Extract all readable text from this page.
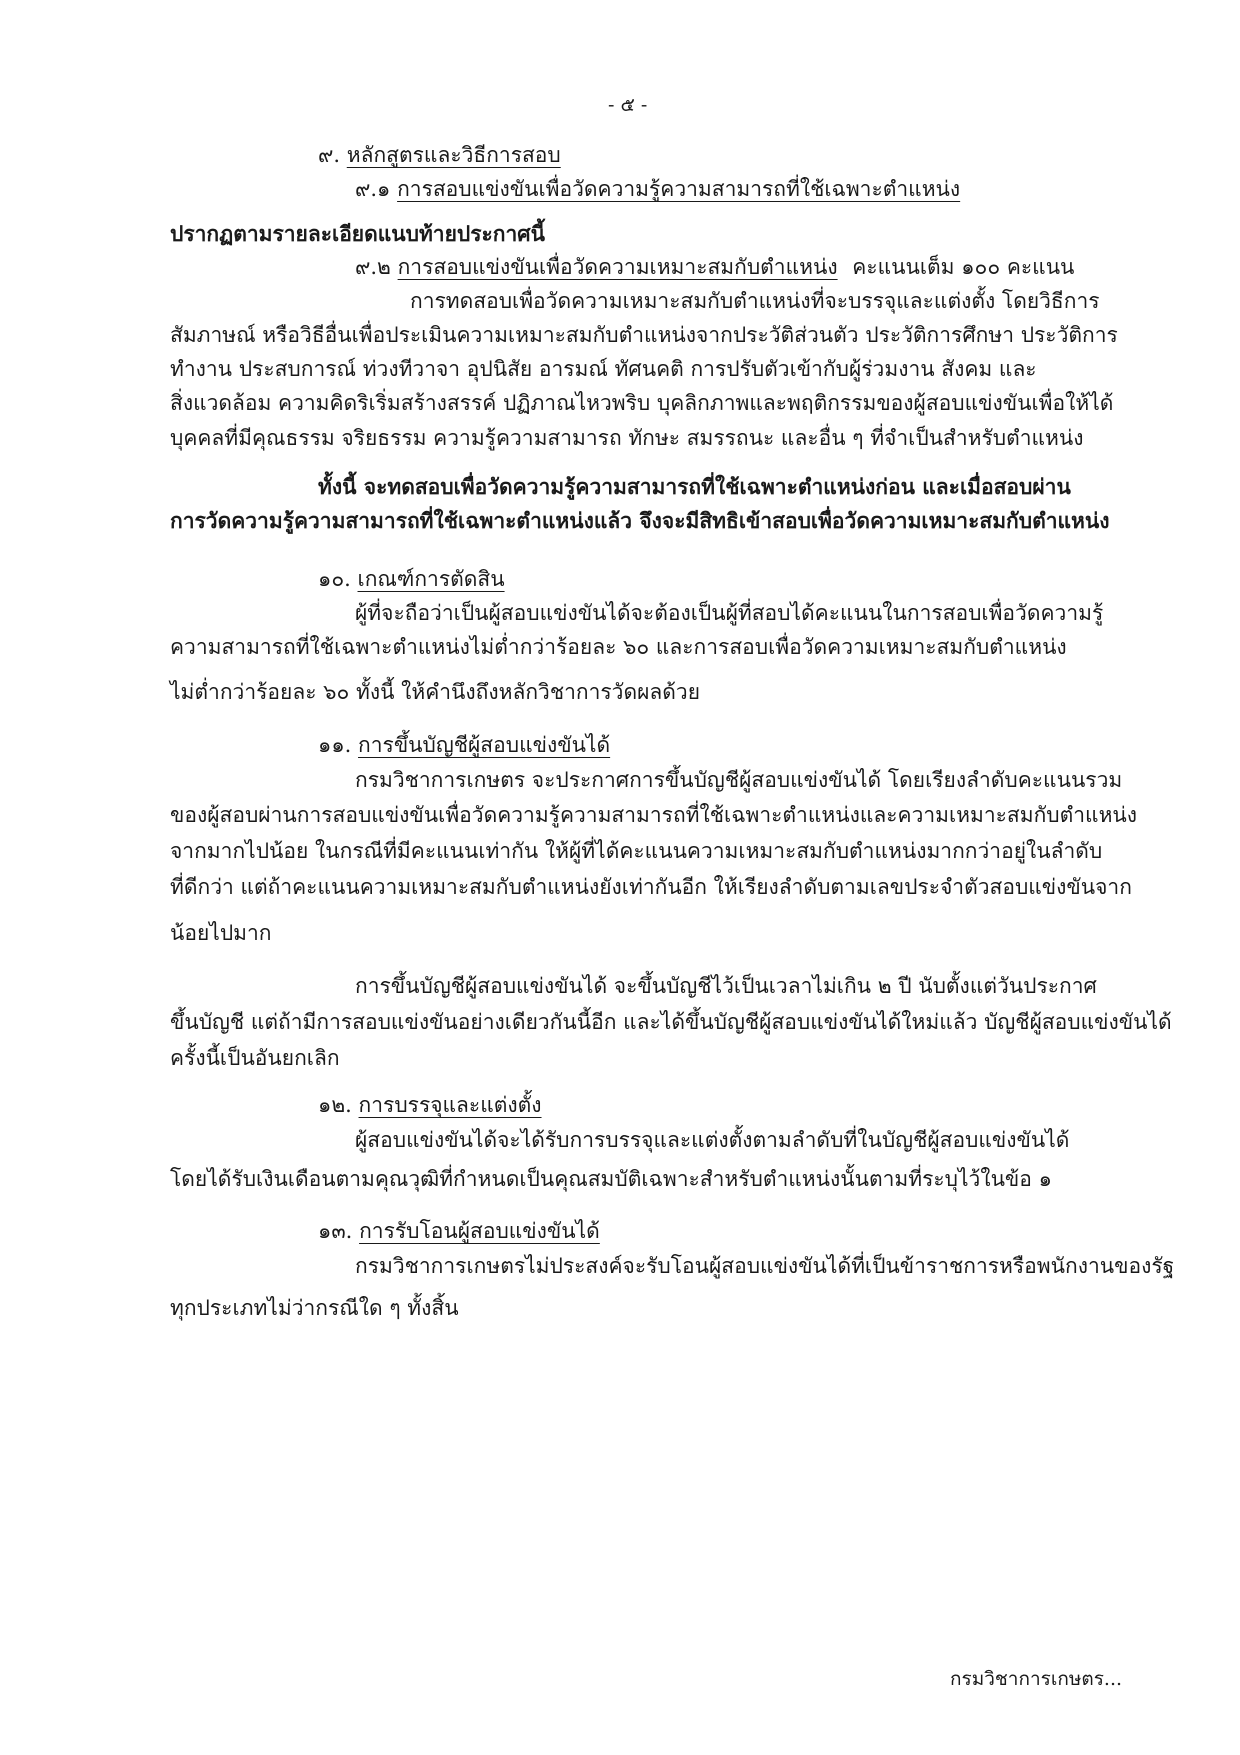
- ๕ -
๙. หลักสูตรและวิธีการสอบ
๙.๑ การสอบแข่งขันเพื่อวัดความรู้ความสามารถที่ใช้เฉพาะตำแหน่ง
ปรากฏตามรายละเอียดแนบท้ายประกาศนี้
๙.๒ การสอบแข่งขันเพื่อวัดความเหมาะสมกับตำแหน่ง คะแนนเต็ม ๑๐๐ คะแนน
การทดสอบเพื่อวัดความเหมาะสมกับตำแหน่งที่จะบรรจุและแต่งตั้ง โดยวิธีการ
สัมภาษณ์ หรือวิธีอื่นเพื่อประเมินความเหมาะสมกับตำแหน่งจากประวัติส่วนตัว ประวัติการศึกษา ประวัติการ
ทำงาน ประสบการณ์ ท่วงทีวาจา อุปนิสัย อารมณ์ ทัศนคติ การปรับตัวเข้ากับผู้ร่วมงาน สังคม และ
สิ่งแวดล้อม ความคิดริเริ่มสร้างสรรค์ ปฏิภาณไหวพริบ บุคลิกภาพและพฤติกรรมของผู้สอบแข่งขันเพื่อให้ได้
บุคคลที่มีคุณธรรม จริยธรรม ความรู้ความสามารถ ทักษะ สมรรถนะ และอื่น ๆ ที่จำเป็นสำหรับตำแหน่ง
ทั้งนี้ จะทดสอบเพื่อวัดความรู้ความสามารถที่ใช้เฉพาะตำแหน่งก่อน และเมื่อสอบผ่าน
การวัดความรู้ความสามารถที่ใช้เฉพาะตำแหน่งแล้ว จึงจะมีสิทธิเข้าสอบเพื่อวัดความเหมาะสมกับตำแหน่ง
๑๐. เกณฑ์การตัดสิน
ผู้ที่จะถือว่าเป็นผู้สอบแข่งขันได้จะต้องเป็นผู้ที่สอบได้คะแนนในการสอบเพื่อวัดความรู้
ความสามารถที่ใช้เฉพาะตำแหน่งไม่ต่ำกว่าร้อยละ ๖๐ และการสอบเพื่อวัดความเหมาะสมกับตำแหน่ง
ไม่ต่ำกว่าร้อยละ ๖๐ ทั้งนี้ ให้คำนึงถึงหลักวิชาการวัดผลด้วย
๑๑. การขึ้นบัญชีผู้สอบแข่งขันได้
กรมวิชาการเกษตร จะประกาศการขึ้นบัญชีผู้สอบแข่งขันได้ โดยเรียงลำดับคะแนนรวม
ของผู้สอบผ่านการสอบแข่งขันเพื่อวัดความรู้ความสามารถที่ใช้เฉพาะตำแหน่งและความเหมาะสมกับตำแหน่ง
จากมากไปน้อย ในกรณีที่มีคะแนนเท่ากัน ให้ผู้ที่ได้คะแนนความเหมาะสมกับตำแหน่งมากกว่าอยู่ในลำดับ
ที่ดีกว่า แต่ถ้าคะแนนความเหมาะสมกับตำแหน่งยังเท่ากันอีก ให้เรียงลำดับตามเลขประจำตัวสอบแข่งขันจาก
น้อยไปมาก
การขึ้นบัญชีผู้สอบแข่งขันได้ จะขึ้นบัญชีไว้เป็นเวลาไม่เกิน ๒ ปี นับตั้งแต่วันประกาศ
ขึ้นบัญชี แต่ถ้ามีการสอบแข่งขันอย่างเดียวกันนี้อีก และได้ขึ้นบัญชีผู้สอบแข่งขันได้ใหม่แล้ว บัญชีผู้สอบแข่งขันได้
ครั้งนี้เป็นอันยกเลิก
๑๒. การบรรจุและแต่งตั้ง
ผู้สอบแข่งขันได้จะได้รับการบรรจุและแต่งตั้งตามลำดับที่ในบัญชีผู้สอบแข่งขันได้
โดยได้รับเงินเดือนตามคุณวุฒิที่กำหนดเป็นคุณสมบัติเฉพาะสำหรับตำแหน่งนั้นตามที่ระบุไว้ในข้อ ๑
๑๓. การรับโอนผู้สอบแข่งขันได้
กรมวิชาการเกษตรไม่ประสงค์จะรับโอนผู้สอบแข่งขันได้ที่เป็นข้าราชการหรือพนักงานของรัฐ
ทุกประเภทไม่ว่ากรณีใด ๆ ทั้งสิ้น
กรมวิชาการเกษตร...
